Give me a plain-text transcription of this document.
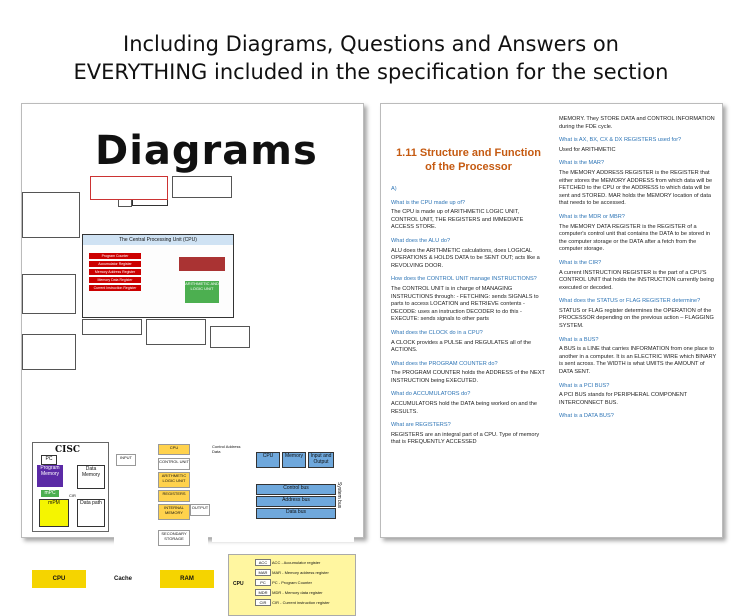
Including Diagrams, Questions and Answers on
EVERYTHING included in the specification for the section
Diagrams
The Central Processing Unit (CPU)
Program Counter
Accumulator Register
Memory Address Register
Memory Data Register
Current Instruction Register
ARITHMETIC AND LOGIC UNIT
CISC
PC
Program Memory
Data Memory
mPC
mPM
CIR
Data path
CPU
CONTROL UNIT
ARITHMETIC LOGIC UNIT
REGISTERS
INTERNAL MEMORY
SECONDARY STORAGE
INPUT
OUTPUT
Control Address Data
CPU	Memory	Input and Output
Control bus
Address bus
Data bus
System bus
CPU	Cache	RAM
CPU
ACC ACC - Accumulator register
MAR MAR - Memory address register
PC PC - Program Counter
MDR MDR - Memory data register
CIR CIR - Current instruction register
1.11 Structure and Function of the Processor
A)
What is the CPU made up of?
The CPU is made up of ARITHMETIC LOGIC UNIT, CONTROL UNIT, THE REGISTERS and IMMEDIATE ACCESS STORE.
What does the ALU do?
ALU does the ARITHMETIC calculations, does LOGICAL OPERATIONS & HOLDS DATA to be SENT OUT; acts like a REVOLVING DOOR.
How does the CONTROL UNIT manage INSTRUCTIONS?
The CONTROL UNIT is in charge of MANAGING INSTRUCTIONS through: - FETCHING: sends SIGNALS to parts to access LOCATION and RETRIEVE contents - DECODE: uses an instruction DECODER to do this - EXECUTE: sends signals to other parts
What does the CLOCK do in a CPU?
A CLOCK provides a PULSE and REGULATES all of the ACTIONS.
What does the PROGRAM COUNTER do?
The PROGRAM COUNTER holds the ADDRESS of the NEXT INSTRUCTION being EXECUTED.
What do ACCUMULATORS do?
ACCUMULATORS hold the DATA being worked on and the RESULTS.
What are REGISTERS?
REGISTERS are an integral part of a CPU. Type of memory that is FREQUENTLY ACCESSED
MEMORY. They STORE DATA and CONTROL INFORMATION during the FDE cycle.
What is AX, BX, CX & DX REGISTERS used for?
Used for ARITHMETIC
What is the MAR?
The MEMORY ADDRESS REGISTER is the REGISTER that either stores the MEMORY ADDRESS from which data will be FETCHED to the CPU or the ADDRESS to which data will be sent and STORED. MAR holds the MEMORY location of data that needs to be accessed.
What is the MDR or MBR?
The MEMORY DATA REGISTER is the REGISTER of a computer's control unit that contains the DATA to be stored in the computer storage or the DATA after a fetch from the computer storage.
What is the CIR?
A current INSTRUCTION REGISTER is the part of a CPU'S CONTROL UNIT that holds the INSTRUCTION currently being executed or decoded.
What does the STATUS or FLAG REGISTER determine?
STATUS or FLAG register determines the OPERATION of the PROCESSOR depending on the previous action – FLAGGING SYSTEM.
What is a BUS?
A BUS is a LINE that carries INFORMATION from one place to another in a computer. It is an ELECTRIC WIRE which BINARY is sent across. The WIDTH is what UMITS the AMOUNT of DATA SENT.
What is a PCI BUS?
A PCI BUS stands for PERIPHERAL COMPONENT INTERCONNECT BUS.
What is a DATA BUS?
